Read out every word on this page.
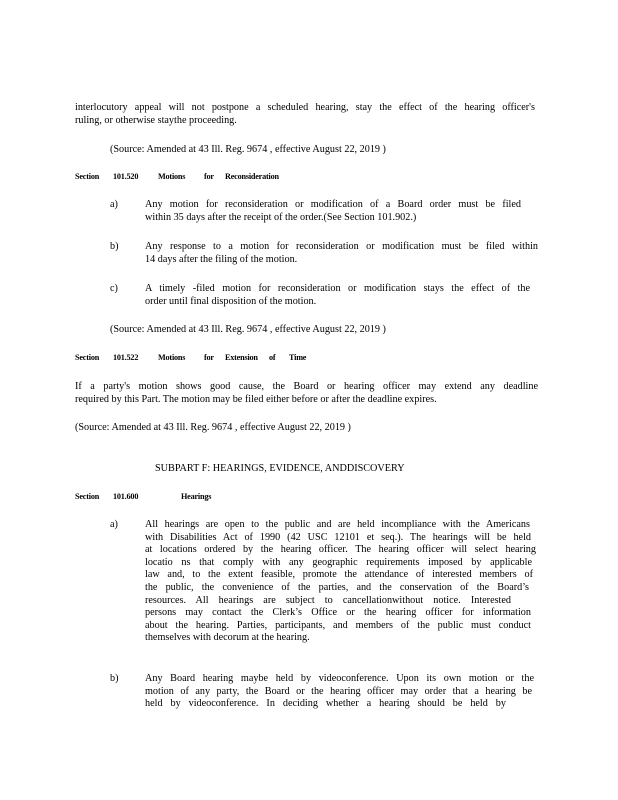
interlocutory appeal will not postpone a scheduled hearing, stay the effect of the hearing officer's
ruling, or otherwise staythe proceeding.
(Source: Amended at 43 Ill. Reg. 9674 , effective August 22, 2019 )
Section 101.520 Motions for Reconsideration
a)	Any motion for reconsideration or modification of a Board order must be filed
within 35 days after the receipt of the order.(See Section 101.902.)
b)	Any response to a motion for reconsideration or modification must be filed within
14 days after the filing of the motion.
c)	A timely -filed motion for reconsideration or modification stays the effect of the
order until final disposition of the motion.
(Source: Amended at 43 Ill. Reg. 9674 , effective August 22, 2019 )
Section 101.522 Motions for Extension of Time
If a party's motion shows good cause, the Board or hearing officer may extend any deadline
required by this Part. The motion may be filed either before or after the deadline expires.
(Source: Amended at 43 Ill. Reg. 9674 , effective August 22, 2019 )
SUBPART F: HEARINGS, EVIDENCE, ANDDISCOVERY
Section 101.600	Hearings
a)	All hearings are open to the public and are held incompliance with the Americans
with Disabilities Act of 1990 (42 USC 12101 et seq.). The hearings will be held
at locations ordered by the hearing officer. The hearing officer will select hearing
locatio ns that comply with any geographic requirements imposed by applicable
law and, to the extent feasible, promote the attendance of interested members of
the public, the convenience of the parties, and the conservation of the Board’s
resources. All hearings are subject to cancellationwithout notice. Interested
persons may contact the Clerk’s Office or the hearing officer for information
about the hearing. Parties, participants, and members of the public must conduct
themselves with decorum at the hearing.
b)	Any Board hearing maybe held by videoconference. Upon its own motion or the
motion of any party, the Board or the hearing officer may order that a hearing be
held by videoconference. In deciding whether a hearing should be held by
